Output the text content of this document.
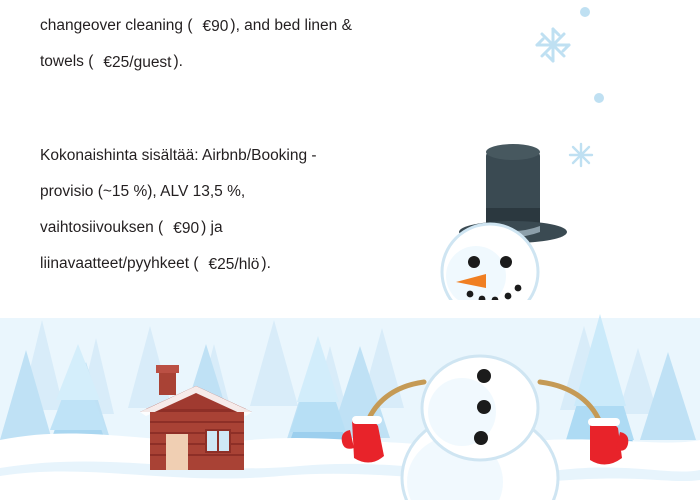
changeover cleaning ( €90 ), and bed linen &
towels ( €25/guest ).
Kokonaishinta sisältää: Airbnb/Booking -
provisio (~15 %), ALV 13,5 %,
vaihtosiivouksen ( €90 ) ja
liinavaatteet/pyyhkeet ( €25/hlö ).
